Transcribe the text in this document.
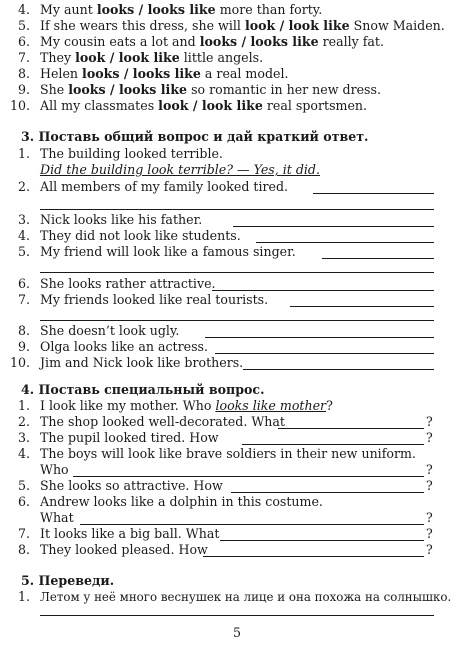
4. My aunt looks / looks like more than forty.
5. If she wears this dress, she will look / look like Snow Maiden.
6. My cousin eats a lot and looks / looks like really fat.
7. They look / look like little angels.
8. Helen looks / looks like a real model.
9. She looks / looks like so romantic in her new dress.
10. All my classmates look / look like real sportsmen.
3. Поставь общий вопрос и дай краткий ответ.
1. The building looked terrible.
Did the building look terrible? — Yes, it did.
2. All members of my family looked tired.
3. Nick looks like his father.
4. They did not look like students.
5. My friend will look like a famous singer.
6. She looks rather attractive.
7. My friends looked like real tourists.
8. She doesn’t look ugly.
9. Olga looks like an actress.
10. Jim and Nick look like brothers.
4. Поставь специальный вопрос.
1. I look like my mother. Who looks like mother?
2. The shop looked well-decorated. What	?
3. The pupil looked tired. How	?
4. The boys will look like brave soldiers in their new uniform.
Who	?
5. She looks so attractive. How	?
6. Andrew looks like a dolphin in this costume.
What	?
7. It looks like a big ball. What	?
8. They looked pleased. How	?
5. Переведи.
1. Летом у неё много веснушек на лице и она похожа на солнышко.
5
